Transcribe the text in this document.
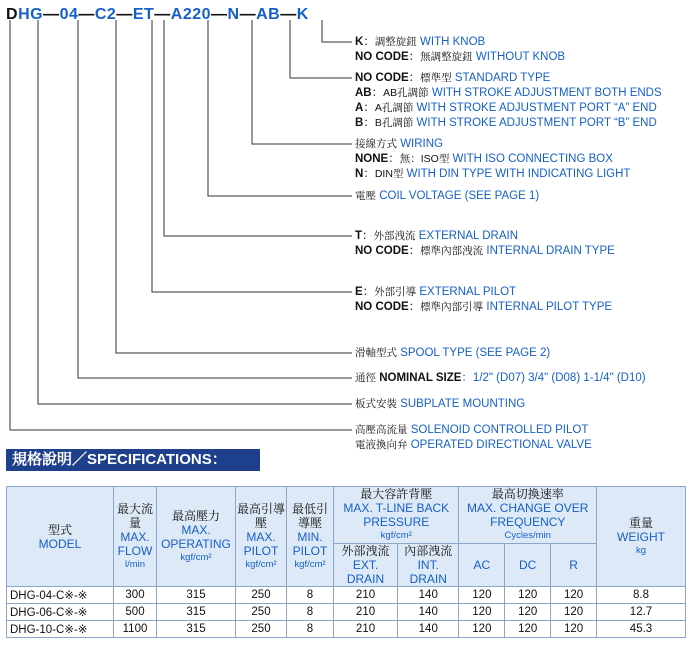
DHG—04—C2—ET—A220—N—AB—K
K：調整旋鈕 WITH KNOB
NO CODE：無調整旋鈕 WITHOUT KNOB
NO CODE：標準型 STANDARD TYPE
AB：AB孔調節 WITH STROKE ADJUSTMENT BOTH ENDS
A：A孔調節 WITH STROKE ADJUSTMENT PORT “A” END
B：B孔調節 WITH STROKE ADJUSTMENT PORT “B” END
接線方式 WIRING
NONE：無：ISO型 WITH ISO CONNECTING BOX
N：DIN型 WITH DIN TYPE WITH INDICATING LIGHT
電壓 COIL VOLTAGE (SEE PAGE 1)
T：外部洩流 EXTERNAL DRAIN
NO CODE：標準內部洩流 INTERNAL DRAIN TYPE
E：外部引導 EXTERNAL PILOT
NO CODE：標準內部引導 INTERNAL PILOT TYPE
滑軸型式 SPOOL TYPE (SEE PAGE 2)
通徑 NOMINAL SIZE：1/2" (D07) 3/4" (D08) 1-1/4" (D10)
板式安裝 SUBPLATE MOUNTING
高壓高流量 SOLENOID CONTROLLED PILOT
電液換向弁 OPERATED DIRECTIONAL VALVE
規格說明／SPECIFICATIONS：
型式
MODEL	最大流量
MAX. FLOW
l/min	最高壓力
MAX. OPERATING
kgf/cm²	最高引導壓
MAX. PILOT
kgf/cm²	最低引導壓
MIN. PILOT
kgf/cm²	最大容許背壓
MAX. T-LINE BACK PRESSURE
kgf/cm²		最高切換速率
MAX. CHANGE OVER FREQUENCY
Cycles/min			重量
WEIGHT
kg

					外部洩流
EXT. DRAIN	內部洩流
INT. DRAIN	AC	DC	R	

DHG-04-C※-※	300	315	250	8	210	140	120	120	120	8.8
DHG-06-C※-※	500	315	250	8	210	140	120	120	120	12.7
DHG-10-C※-※	1100	315	250	8	210	140	120	120	120	45.3
